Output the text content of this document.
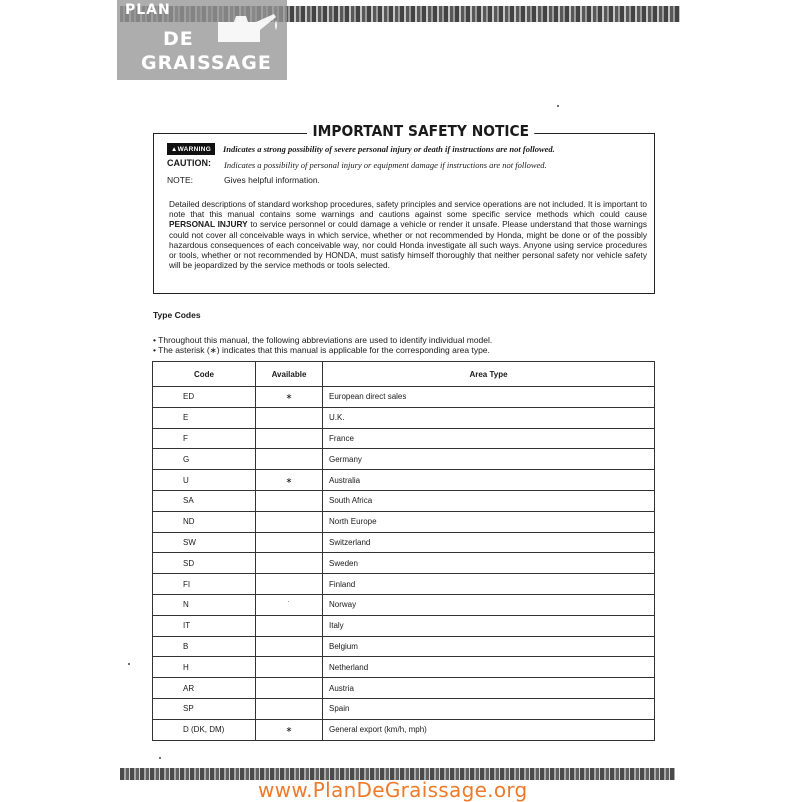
PLAN
DE
GRAISSAGE
IMPORTANT SAFETY NOTICE
▲WARNING	Indicates a strong possibility of severe personal injury or death if instructions are not followed.
CAUTION: Indicates a possibility of personal injury or equipment damage if instructions are not followed.
NOTE:	Gives helpful information.
Detailed descriptions of standard workshop procedures, safety principles and service operations are not included. It is important to note that this manual contains some warnings and cautions against some specific service methods which could cause PERSONAL INJURY to service personnel or could damage a vehicle or render it unsafe. Please understand that those warnings could not cover all conceivable ways in which service, whether or not recommended by Honda, might be done or of the possibly hazardous consequences of each conceivable way, nor could Honda investigate all such ways. Anyone using service procedures or tools, whether or not recommended by HONDA, must satisfy himself thoroughly that neither personal safety nor vehicle safety will be jeopardized by the service methods or tools selected.
Type Codes
• Throughout this manual, the following abbreviations are used to identify individual model.
• The asterisk (∗) indicates that this manual is applicable for the corresponding area type.
Code	Available	Area Type
ED	∗	European direct sales
E		U.K.
F		France
G		Germany
U	∗	Australia
SA		South Africa
ND		North Europe
SW		Switzerland
SD		Sweden
FI		Finland
N	˙	Norway
IT		Italy
B		Belgium
H		Netherland
AR		Austria
SP		Spain
D (DK, DM)	∗	General export (km/h, mph)
www.PlanDeGraissage.org
